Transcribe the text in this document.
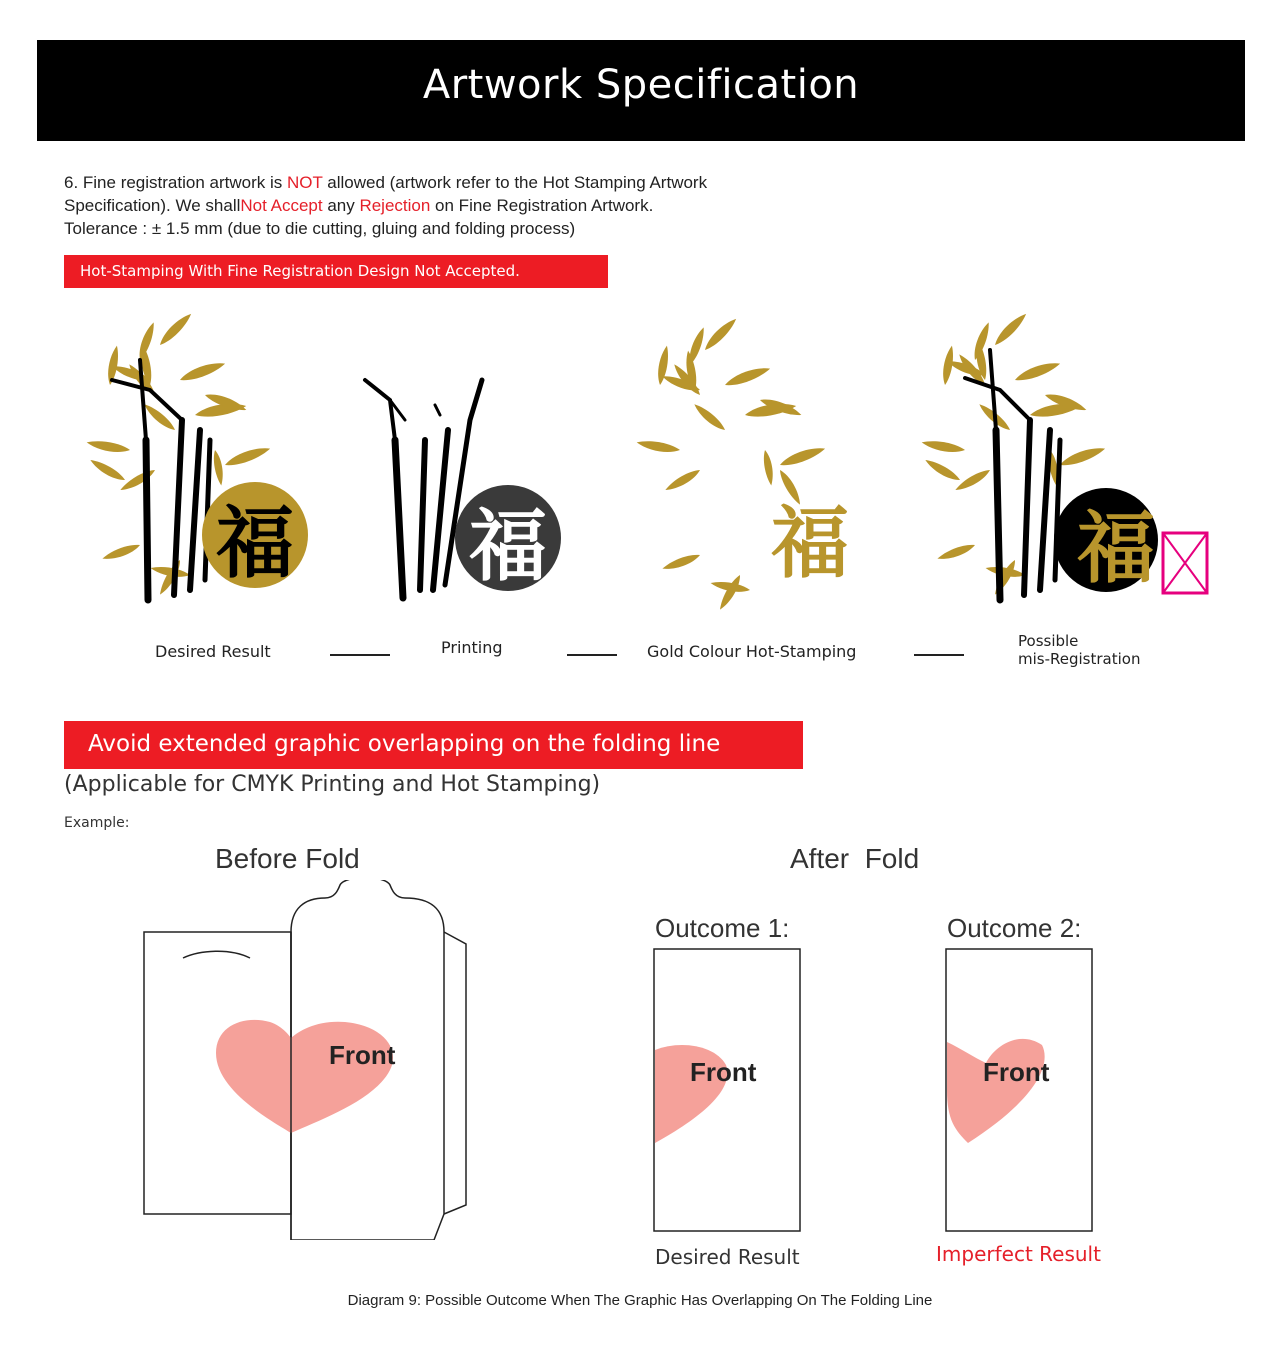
Artwork Specification
6. Fine registration artwork is NOT allowed (artwork refer to the Hot Stamping Artwork
Specification). We shallNot Accept any Rejection on Fine Registration Artwork.
Tolerance : ± 1.5 mm (due to die cutting, gluing and folding process)
Hot-Stamping With Fine Registration Design Not Accepted.
福 福	福	福
Desired Result	Printing	Gold Colour Hot-Stamping
Possible
mis-Registration
Avoid extended graphic overlapping on the folding line
(Applicable for CMYK Printing and Hot Stamping)
Example:
Before Fold	After  Fold
Outcome 1:	Outcome 2:
Front
Front	Front
Desired Result	Imperfect Result
Diagram 9: Possible Outcome When The Graphic Has Overlapping On The Folding Line
